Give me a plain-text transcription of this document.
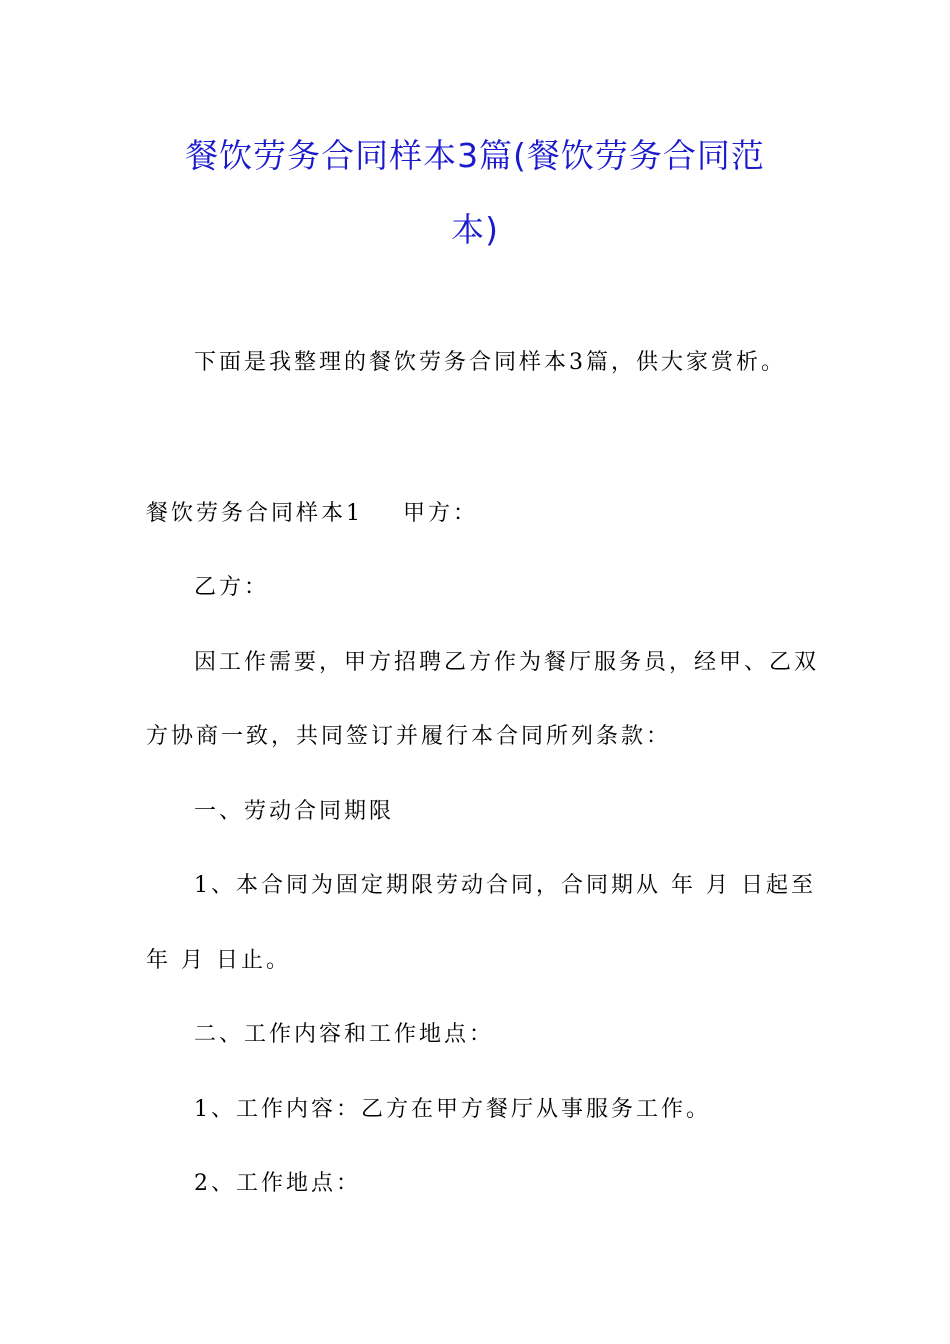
餐饮劳务合同样本3篇(餐饮劳务合同范
本)

下面是我整理的餐饮劳务合同样本3篇，供大家赏析。

餐饮劳务合同样本1 甲方：

乙方：

因工作需要，甲方招聘乙方作为餐厅服务员，经甲、乙双

方协商一致，共同签订并履行本合同所列条款：

一、劳动合同期限

1、本合同为固定期限劳动合同，合同期从 年 月 日起至

年 月 日止。

二、工作内容和工作地点：

1、工作内容：乙方在甲方餐厅从事服务工作。

2、工作地点：
